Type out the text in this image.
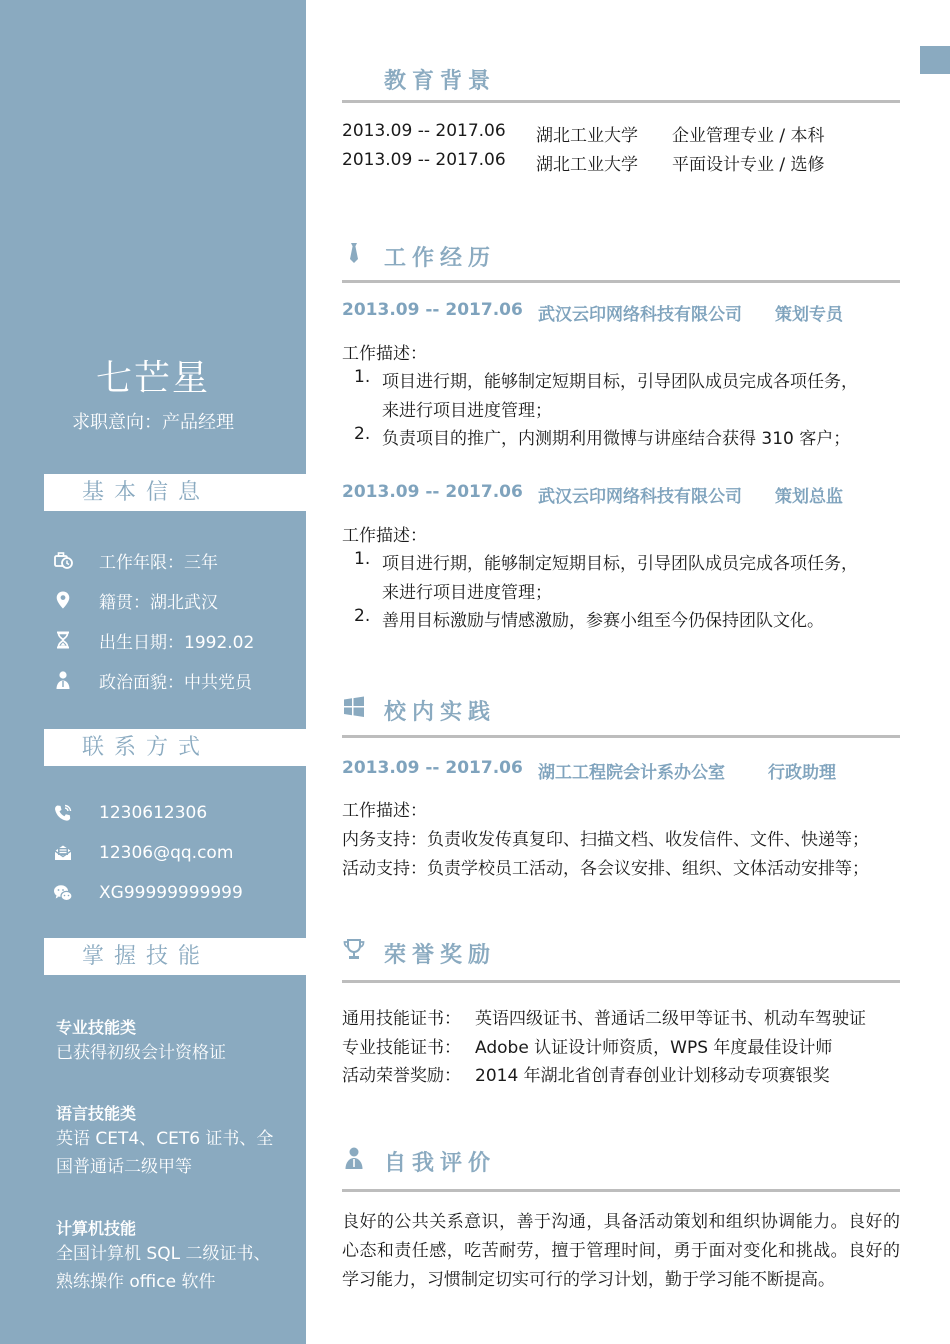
七芒星
求职意向：产品经理
基本信息
工作年限：三年
籍贯：湖北武汉
出生日期：1992.02
政治面貌：中共党员
联系方式
1230612306
12306@qq.com
XG99999999999
掌握技能
专业技能类
已获得初级会计资格证
语言技能类
英语 CET4、CET6 证书、全国普通话二级甲等
计算机技能
全国计算机 SQL 二级证书、熟练操作 office 软件
教育背景
2013.09 -- 2017.06 湖北工业大学 企业管理专业 / 本科
2013.09 -- 2017.06 湖北工业大学 平面设计专业 / 选修
工作经历
2013.09 -- 2017.06 武汉云印网络科技有限公司 策划专员
工作描述：
1. 项目进行期，能够制定短期目标，引导团队成员完成各项任务，
来进行项目进度管理；
2. 负责项目的推广，内测期利用微博与讲座结合获得 310 客户；
2013.09 -- 2017.06 武汉云印网络科技有限公司 策划总监
工作描述：
1. 项目进行期，能够制定短期目标，引导团队成员完成各项任务，
来进行项目进度管理；
2. 善用目标激励与情感激励，参赛小组至今仍保持团队文化。
校内实践
2013.09 -- 2017.06 湖工工程院会计系办公室	行政助理
工作描述：
内务支持：负责收发传真复印、扫描文档、收发信件、文件、快递等；
活动支持：负责学校员工活动，各会议安排、组织、文体活动安排等；
荣誉奖励
通用技能证书： 英语四级证书、普通话二级甲等证书、机动车驾驶证
专业技能证书： Adobe 认证设计师资质，WPS 年度最佳设计师
活动荣誉奖励： 2014 年湖北省创青春创业计划移动专项赛银奖
自我评价
良好的公共关系意识，善于沟通，具备活动策划和组织协调能力。良好的心态和责任感，吃苦耐劳，擅于管理时间，勇于面对变化和挑战。良好的学习能力，习惯制定切实可行的学习计划，勤于学习能不断提高。
